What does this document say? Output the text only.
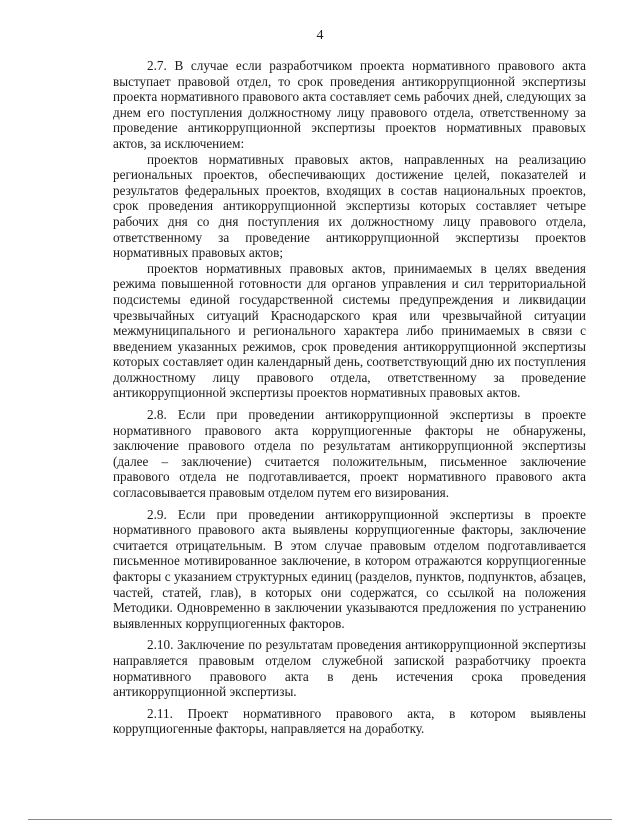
4

2.7. В случае если разработчиком проекта нормативного правового акта выступает правовой отдел, то срок проведения антикоррупционной экспертизы проекта нормативного правового акта составляет семь рабочих дней, следующих за днем его поступления должностному лицу правового отдела, ответственному за проведение антикоррупционной экспертизы проектов нормативных правовых актов, за исключением:

проектов нормативных правовых актов, направленных на реализацию региональных проектов, обеспечивающих достижение целей, показателей и результатов федеральных проектов, входящих в состав национальных проектов, срок проведения антикоррупционной экспертизы которых составляет четыре рабочих дня со дня поступления их должностному лицу правового отдела, ответственному за проведение антикоррупционной экспертизы проектов нормативных правовых актов;

проектов нормативных правовых актов, принимаемых в целях введения режима повышенной готовности для органов управления и сил территориальной подсистемы единой государственной системы предупреждения и ликвидации чрезвычайных ситуаций Краснодарского края или чрезвычайной ситуации межмуниципального и регионального характера либо принимаемых в связи с введением указанных режимов, срок проведения антикоррупционной экспертизы которых составляет один календарный день, соответствующий дню их поступления должностному лицу правового отдела, ответственному за проведение антикоррупционной экспертизы проектов нормативных правовых актов.

2.8. Если при проведении антикоррупционной экспертизы в проекте нормативного правового акта коррупциогенные факторы не обнаружены, заключение правового отдела по результатам антикоррупционной экспертизы (далее – заключение) считается положительным, письменное заключение правового отдела не подготавливается, проект нормативного правового акта согласовывается правовым отделом путем его визирования.

2.9. Если при проведении антикоррупционной экспертизы в проекте нормативного правового акта выявлены коррупциогенные факторы, заключение считается отрицательным. В этом случае правовым отделом подготавливается письменное мотивированное заключение, в котором отражаются коррупциогенные факторы с указанием структурных единиц (разделов, пунктов, подпунктов, абзацев, частей, статей, глав), в которых они содержатся, со ссылкой на положения Методики. Одновременно в заключении указываются предложения по устранению выявленных коррупциогенных факторов.

2.10. Заключение по результатам проведения антикоррупционной экспертизы направляется правовым отделом служебной запиской разработчику проекта нормативного правового акта в день истечения срока проведения антикоррупционной экспертизы.

2.11. Проект нормативного правового акта, в котором выявлены коррупциогенные факторы, направляется на доработку.
